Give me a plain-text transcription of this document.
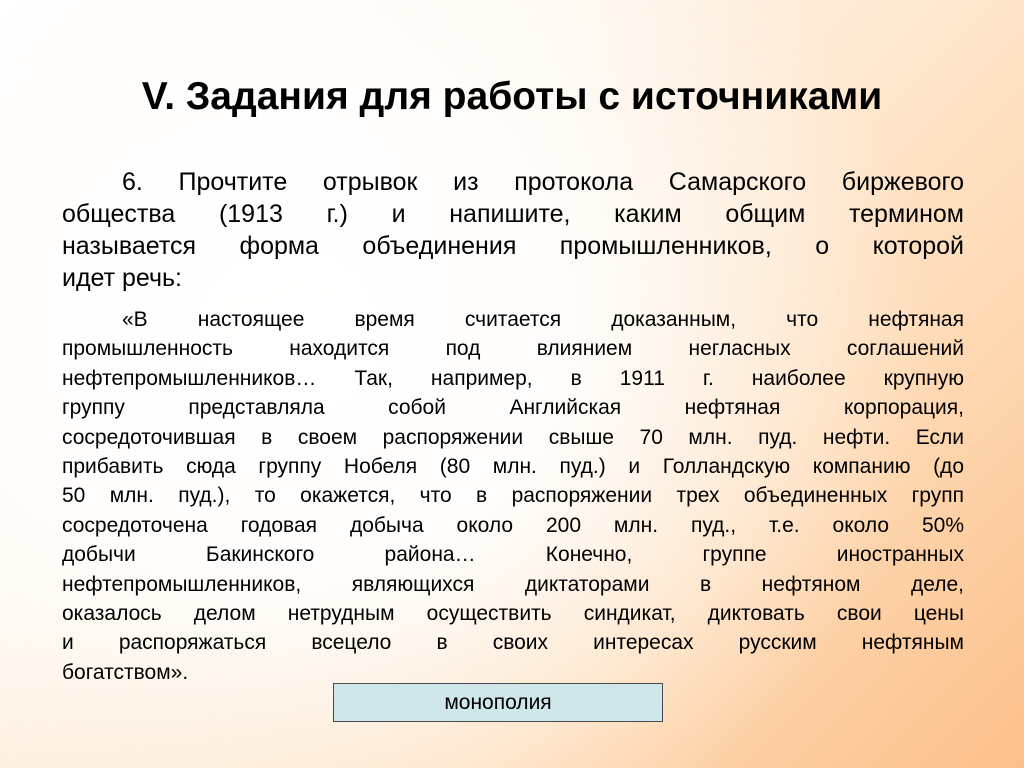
V. Задания для работы с источниками
6. Прочтите отрывок из протокола Самарского биржевого
общества (1913 г.) и напишите, каким общим термином
называется форма объединения промышленников, о которой
идет речь:
«В настоящее время считается доказанным, что нефтяная
промышленность находится под влиянием негласных соглашений
нефтепромышленников… Так, например, в 1911 г. наиболее крупную
группу представляла собой Английская нефтяная корпорация,
сосредоточившая в своем распоряжении свыше 70 млн. пуд. нефти. Если
прибавить сюда группу Нобеля (80 млн. пуд.) и Голландскую компанию (до
50 млн. пуд.), то окажется, что в распоряжении трех объединенных групп
сосредоточена годовая добыча около 200 млн. пуд., т.е. около 50%
добычи Бакинского района… Конечно, группе иностранных
нефтепромышленников, являющихся диктаторами в нефтяном деле,
оказалось делом нетрудным осуществить синдикат, диктовать свои цены
и распоряжаться всецело в своих интересах русским нефтяным
богатством».
монополия
